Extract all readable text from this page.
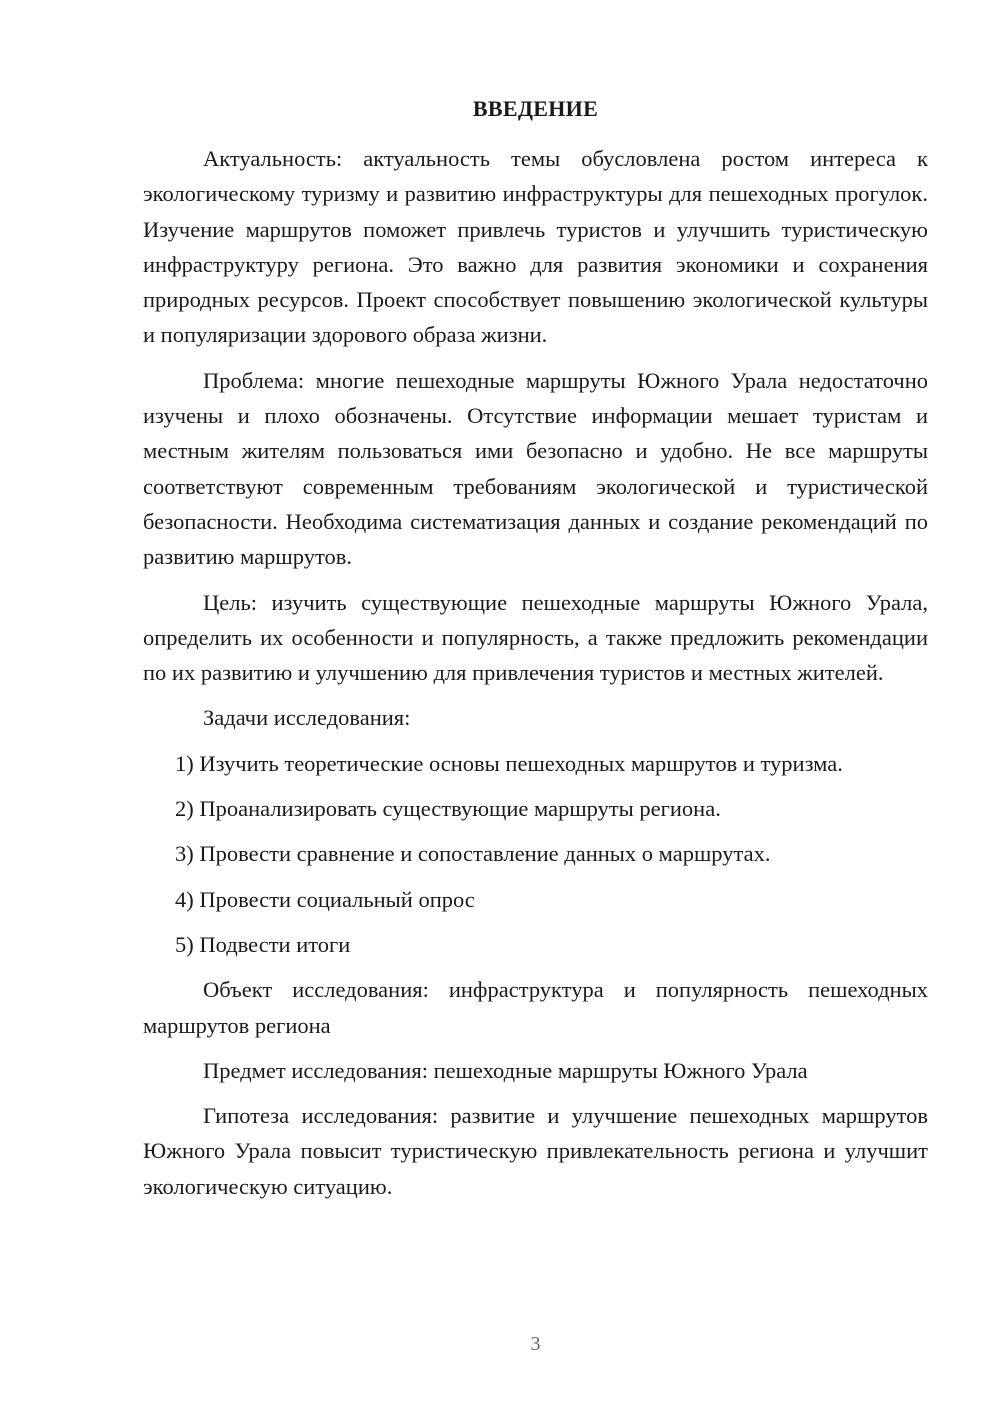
ВВЕДЕНИЕ

Актуальность: актуальность темы обусловлена ростом интереса к экологическому туризму и развитию инфраструктуры для пешеходных прогулок. Изучение маршрутов поможет привлечь туристов и улучшить туристическую инфраструктуру региона. Это важно для развития экономики и сохранения природных ресурсов. Проект способствует повышению экологической культуры и популяризации здорового образа жизни.

Проблема: многие пешеходные маршруты Южного Урала недостаточно изучены и плохо обозначены. Отсутствие информации мешает туристам и местным жителям пользоваться ими безопасно и удобно. Не все маршруты соответствуют современным требованиям экологической и туристической безопасности. Необходима систематизация данных и создание рекомендаций по развитию маршрутов.

Цель: изучить существующие пешеходные маршруты Южного Урала, определить их особенности и популярность, а также предложить рекомендации по их развитию и улучшению для привлечения туристов и местных жителей.

Задачи исследования:

1) Изучить теоретические основы пешеходных маршрутов и туризма.

2) Проанализировать существующие маршруты региона.

3) Провести сравнение и сопоставление данных о маршрутах.

4) Провести социальный опрос

5) Подвести итоги

Объект исследования: инфраструктура и популярность пешеходных маршрутов региона

Предмет исследования: пешеходные маршруты Южного Урала

Гипотеза исследования: развитие и улучшение пешеходных маршрутов Южного Урала повысит туристическую привлекательность региона и улучшит экологическую ситуацию.

3
